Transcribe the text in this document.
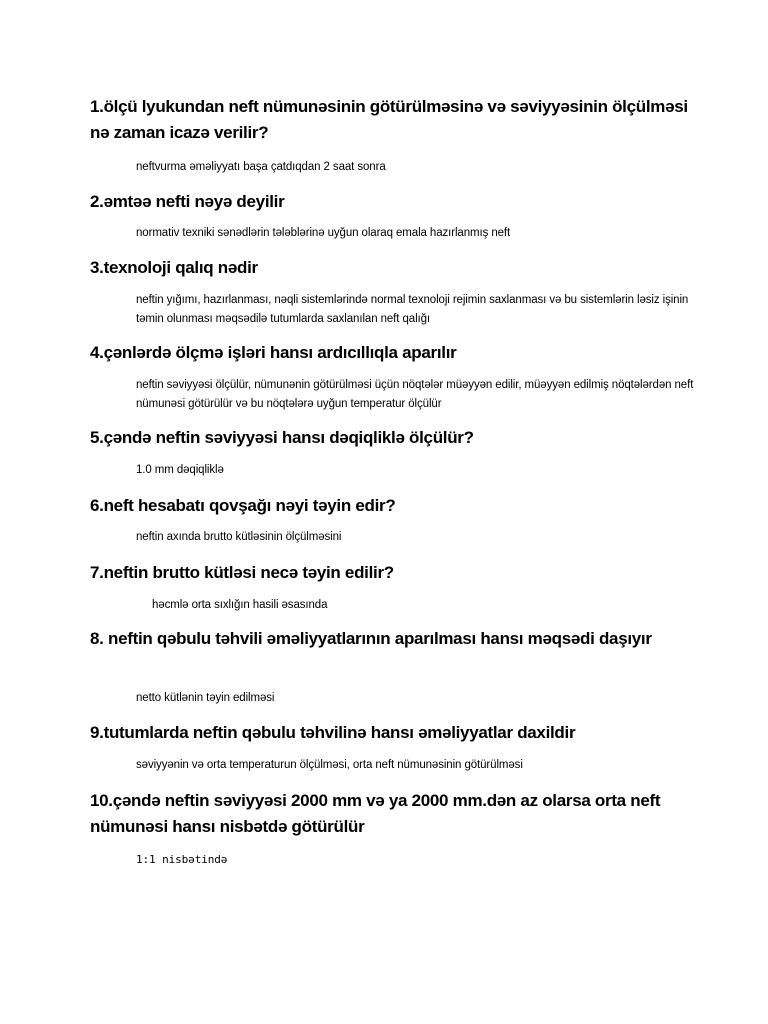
1.ölçü lyukundan neft nümunəsinin götürülməsinə və səviyyəsinin ölçülməsi nə zaman icazə verilir?

neftvurma əməliyyatı başa çatdıqdan 2 saat sonra

2.əmtəə nefti nəyə deyilir

normativ texniki sənədlərin tələblərinə uyğun olaraq emala hazırlanmış neft

3.texnoloji qalıq nədir

neftin yığımı, hazırlanması, nəqli sistemlərində normal texnoloji rejimin saxlanması və bu sistemlərin ləsiz işinin təmin olunması məqsədilə tutumlarda saxlanılan neft qalığı

4.çənlərdə ölçmə işləri hansı ardıcıllıqla aparılır

neftin səviyyəsi ölçülür, nümunənin götürülməsi üçün nöqtələr müəyyən edilir, müəyyən edilmiş nöqtələrdən neft nümunəsi götürülür və bu nöqtələrə uyğun temperatur ölçülür

5.çəndə neftin səviyyəsi hansı dəqiqliklə ölçülür?

1.0 mm dəqiqliklə

6.neft hesabatı qovşağı nəyi təyin edir?

neftin axında brutto kütləsinin ölçülməsini

7.neftin brutto kütləsi necə təyin edilir?

həcmlə orta sıxlığın hasili əsasında

8. neftin qəbulu təhvili əməliyyatlarının aparılması hansı məqsədi daşıyır

netto kütlənin təyin edilməsi

9.tutumlarda neftin qəbulu təhvilinə hansı əməliyyatlar daxildir

səviyyənin və orta temperaturun ölçülməsi, orta neft nümunəsinin götürülməsi

10.çəndə neftin səviyyəsi 2000 mm və ya 2000 mm.dən az olarsa orta neft nümunəsi hansı nisbətdə götürülür

1:1 nisbətində
